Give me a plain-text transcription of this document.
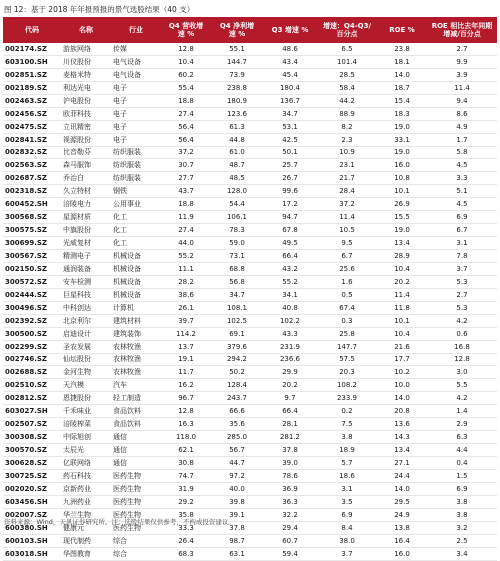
图 12：基于 2018 年年报预报的景气选股结果（40 支）
代码	名称	行业	Q4 营收增
速 %	Q4 净利增
速 %	Q3 增速 %	增速：Q4-Q3/
百分点	ROE %	ROE 相比去年同期
增减/百分点
002174.SZ	游族网络	传媒	12.8	55.1	48.6	6.5	23.8	2.7
603100.SH	川仪股份	电气设备	10.4	144.7	43.4	101.4	18.1	9.9
002851.SZ	麦格米特	电气设备	60.2	73.9	45.4	28.5	14.0	3.9
002189.SZ	利达光电	电子	55.4	238.8	180.4	58.4	18.7	11.4
002463.SZ	沪电股份	电子	18.8	180.9	136.7	44.2	15.4	9.4
002456.SZ	欧菲科技	电子	27.4	123.6	34.7	88.9	18.3	8.6
002475.SZ	立讯精密	电子	56.4	61.3	53.1	8.2	19.0	4.9
002841.SZ	视源股份	电子	56.4	44.8	42.5	2.3	33.1	1.7
002832.SZ	比音勒芬	纺织服装	37.2	61.0	50.1	10.9	19.0	5.8
002563.SZ	森马服饰	纺织服装	30.7	48.7	25.7	23.1	16.0	4.5
002687.SZ	乔治白	纺织服装	27.7	48.5	26.7	21.7	10.8	3.3
002318.SZ	久立特材	钢铁	43.7	128.0	99.6	28.4	10.1	5.1
600452.SH	涪陵电力	公用事业	18.8	54.4	17.2	37.2	26.9	4.5
300568.SZ	星源材质	化工	11.9	106.1	94.7	11.4	15.5	6.9
300575.SZ	中旗股份	化工	27.4	78.3	67.8	10.5	19.0	6.7
300699.SZ	光威复材	化工	44.0	59.0	49.5	9.5	13.4	3.1
300567.SZ	精测电子	机械设备	55.2	73.1	66.4	6.7	28.9	7.8
002150.SZ	通润装备	机械设备	11.1	68.8	43.2	25.6	10.4	3.7
300572.SZ	安车检测	机械设备	28.2	56.8	55.2	1.6	20.2	5.3
002444.SZ	巨星科技	机械设备	38.6	34.7	34.1	0.5	11.4	2.7
300496.SZ	中科创达	计算机	26.1	108.1	40.8	67.4	11.8	5.3
002392.SZ	北京利尔	建筑材料	39.7	102.5	102.2	0.3	10.1	4.2
300500.SZ	启迪设计	建筑装饰	114.2	69.1	43.3	25.8	10.4	0.6
002299.SZ	圣农发展	农林牧渔	13.7	379.6	231.9	147.7	21.6	16.8
002746.SZ	仙坛股份	农林牧渔	19.1	294.2	236.6	57.5	17.7	12.8
002688.SZ	金河生物	农林牧渔	11.7	50.2	29.9	20.3	10.2	3.0
002510.SZ	天汽模	汽车	16.2	128.4	20.2	108.2	10.0	5.5
002812.SZ	恩捷股份	轻工制造	96.7	243.7	9.7	233.9	14.0	4.2
603027.SH	千禾味业	食品饮料	12.8	66.6	66.4	0.2	20.8	1.4
002507.SZ	涪陵榨菜	食品饮料	16.3	35.6	28.1	7.5	13.6	2.9
300308.SZ	中际旭创	通信	118.0	285.0	281.2	3.8	14.3	6.3
300570.SZ	太辰光	通信	62.1	56.7	37.8	18.9	13.4	4.4
300628.SZ	亿联网络	通信	30.8	44.7	39.0	5.7	27.1	0.4
300725.SZ	药石科技	医药生物	74.7	97.2	78.6	18.6	24.4	1.5
002020.SZ	京新药业	医药生物	31.9	40.0	36.9	3.1	14.0	6.9
603456.SH	九洲药业	医药生物	29.2	39.8	36.3	3.5	29.5	3.8
002007.SZ	华兰生物	医药生物	35.8	39.1	32.2	6.9	24.9	3.8
600380.SH	健康元	医药生物	33.3	37.8	29.4	8.4	13.8	3.2
600103.SH	现代制药	综合	26.4	98.7	60.7	38.0	16.4	2.5
603018.SH	华图教育	综合	68.3	63.1	59.4	3.7	16.0	3.4
资料来源：Wind，天风证券研究所。注：选股结果仅供参考，不构成投资建议。
